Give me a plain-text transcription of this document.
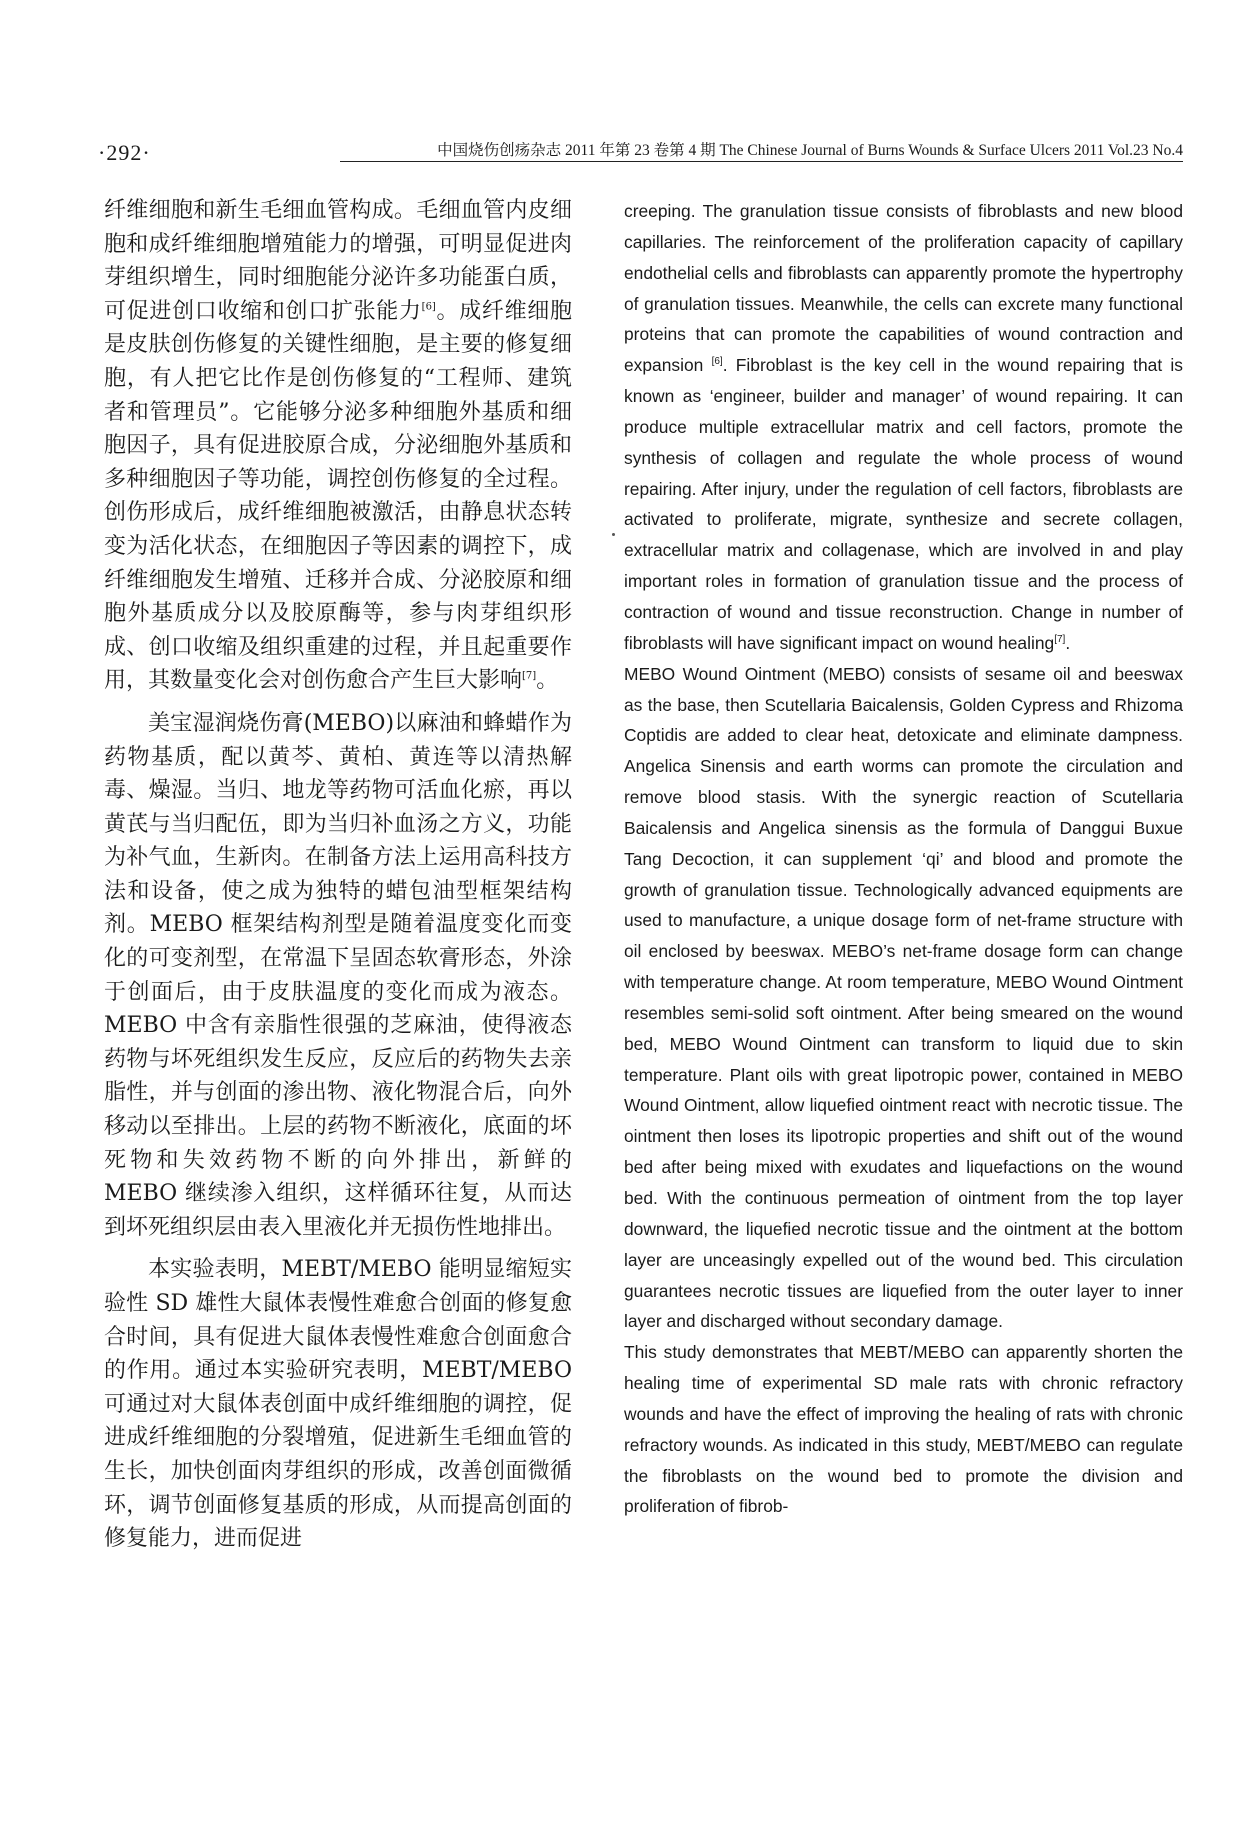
·292·	中国烧伤创疡杂志 2011 年第 23 卷第 4 期 The Chinese Journal of Burns Wounds & Surface Ulcers 2011 Vol.23 No.4

纤维细胞和新生毛细血管构成。毛细血管内皮细胞和成纤维细胞增殖能力的增强，可明显促进肉芽组织增生，同时细胞能分泌许多功能蛋白质，可促进创口收缩和创口扩张能力[6]。成纤维细胞是皮肤创伤修复的关键性细胞，是主要的修复细胞，有人把它比作是创伤修复的“工程师、建筑者和管理员”。它能够分泌多种细胞外基质和细胞因子，具有促进胶原合成，分泌细胞外基质和多种细胞因子等功能，调控创伤修复的全过程。创伤形成后，成纤维细胞被激活，由静息状态转变为活化状态，在细胞因子等因素的调控下，成纤维细胞发生增殖、迁移并合成、分泌胶原和细胞外基质成分以及胶原酶等，参与肉芽组织形成、创口收缩及组织重建的过程，并且起重要作用，其数量变化会对创伤愈合产生巨大影响[7]。

美宝湿润烧伤膏(MEBO)以麻油和蜂蜡作为药物基质，配以黄芩、黄柏、黄连等以清热解毒、燥湿。当归、地龙等药物可活血化瘀，再以黄芪与当归配伍，即为当归补血汤之方义，功能为补气血，生新肉。在制备方法上运用高科技方法和设备，使之成为独特的蜡包油型框架结构剂。MEBO 框架结构剂型是随着温度变化而变化的可变剂型，在常温下呈固态软膏形态，外涂于创面后，由于皮肤温度的变化而成为液态。MEBO 中含有亲脂性很强的芝麻油，使得液态药物与坏死组织发生反应，反应后的药物失去亲脂性，并与创面的渗出物、液化物混合后，向外移动以至排出。上层的药物不断液化，底面的坏死物和失效药物不断的向外排出，新鲜的 MEBO 继续渗入组织，这样循环往复，从而达到坏死组织层由表入里液化并无损伤性地排出。

本实验表明，MEBT/MEBO 能明显缩短实验性 SD 雄性大鼠体表慢性难愈合创面的修复愈合时间，具有促进大鼠体表慢性难愈合创面愈合的作用。通过本实验研究表明，MEBT/MEBO 可通过对大鼠体表创面中成纤维细胞的调控，促进成纤维细胞的分裂增殖，促进新生毛细血管的生长，加快创面肉芽组织的形成，改善创面微循环，调节创面修复基质的形成，从而提高创面的修复能力，进而促进

creeping. The granulation tissue consists of fibroblasts and new blood capillaries. The reinforcement of the proliferation capacity of capillary endothelial cells and fibroblasts can apparently promote the hypertrophy of granulation tissues. Meanwhile, the cells can excrete many functional proteins that can promote the capabilities of wound contraction and expansion [6]. Fibroblast is the key cell in the wound repairing that is known as ‘engineer, builder and manager’ of wound repairing. It can produce multiple extracellular matrix and cell factors, promote the synthesis of collagen and regulate the whole process of wound repairing. After injury, under the regulation of cell factors, fibroblasts are activated to proliferate, migrate, synthesize and secrete collagen, extracellular matrix and collagenase, which are involved in and play important roles in formation of granulation tissue and the process of contraction of wound and tissue reconstruction. Change in number of fibroblasts will have significant impact on wound healing[7].

MEBO Wound Ointment (MEBO) consists of sesame oil and beeswax as the base, then Scutellaria Baicalensis, Golden Cypress and Rhizoma Coptidis are added to clear heat, detoxicate and eliminate dampness. Angelica Sinensis and earth worms can promote the circulation and remove blood stasis. With the synergic reaction of Scutellaria Baicalensis and Angelica sinensis as the formula of Danggui Buxue Tang Decoction, it can supplement ‘qi’ and blood and promote the growth of granulation tissue. Technologically advanced equipments are used to manufacture, a unique dosage form of net-frame structure with oil enclosed by beeswax. MEBO’s net-frame dosage form can change with temperature change. At room temperature, MEBO Wound Ointment resembles semi-solid soft ointment. After being smeared on the wound bed, MEBO Wound Ointment can transform to liquid due to skin temperature. Plant oils with great lipotropic power, contained in MEBO Wound Ointment, allow liquefied ointment react with necrotic tissue. The ointment then loses its lipotropic properties and shift out of the wound bed after being mixed with exudates and liquefactions on the wound bed. With the continuous permeation of ointment from the top layer downward, the liquefied necrotic tissue and the ointment at the bottom layer are unceasingly expelled out of the wound bed. This circulation guarantees necrotic tissues are liquefied from the outer layer to inner layer and discharged without secondary damage.

This study demonstrates that MEBT/MEBO can apparently shorten the healing time of experimental SD male rats with chronic refractory wounds and have the effect of improving the healing of rats with chronic refractory wounds. As indicated in this study, MEBT/MEBO can regulate the fibroblasts on the wound bed to promote the division and proliferation of fibrob-
